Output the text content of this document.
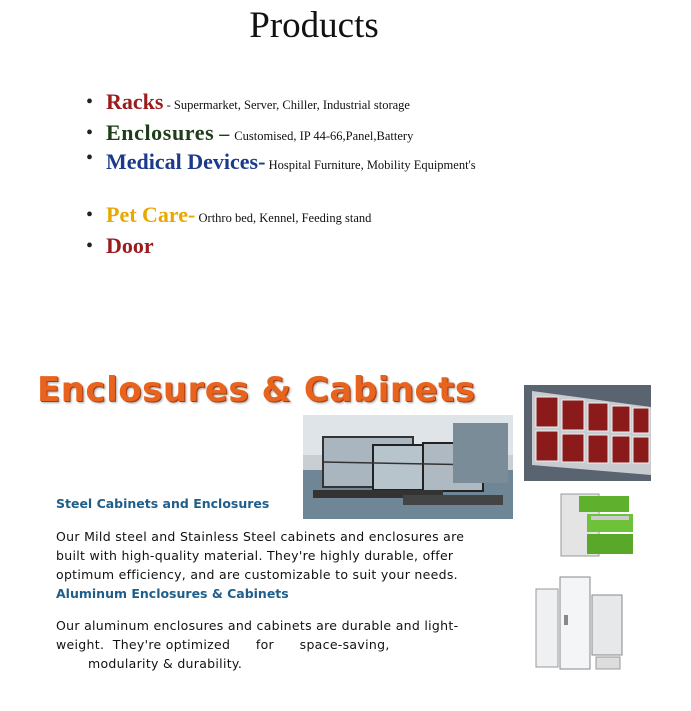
Products
• Racks - Supermarket, Server, Chiller, Industrial storage
• Enclosures – Customised, IP 44-66,Panel,Battery
• Medical Devices- Hospital Furniture, Mobility Equipment's
• Pet Care- Orthro bed, Kennel, Feeding stand
• Door
Enclosures & Cabinets
Steel Cabinets and Enclosures
Our Mild steel and Stainless Steel cabinets and enclosures are built with high-quality material. They're highly durable, offer optimum efficiency, and are customizable to suit your needs.
Aluminum Enclosures & Cabinets
Our aluminum enclosures and cabinets are durable and light-
weight.  They're optimized      for      space-saving,
modularity & durability.
